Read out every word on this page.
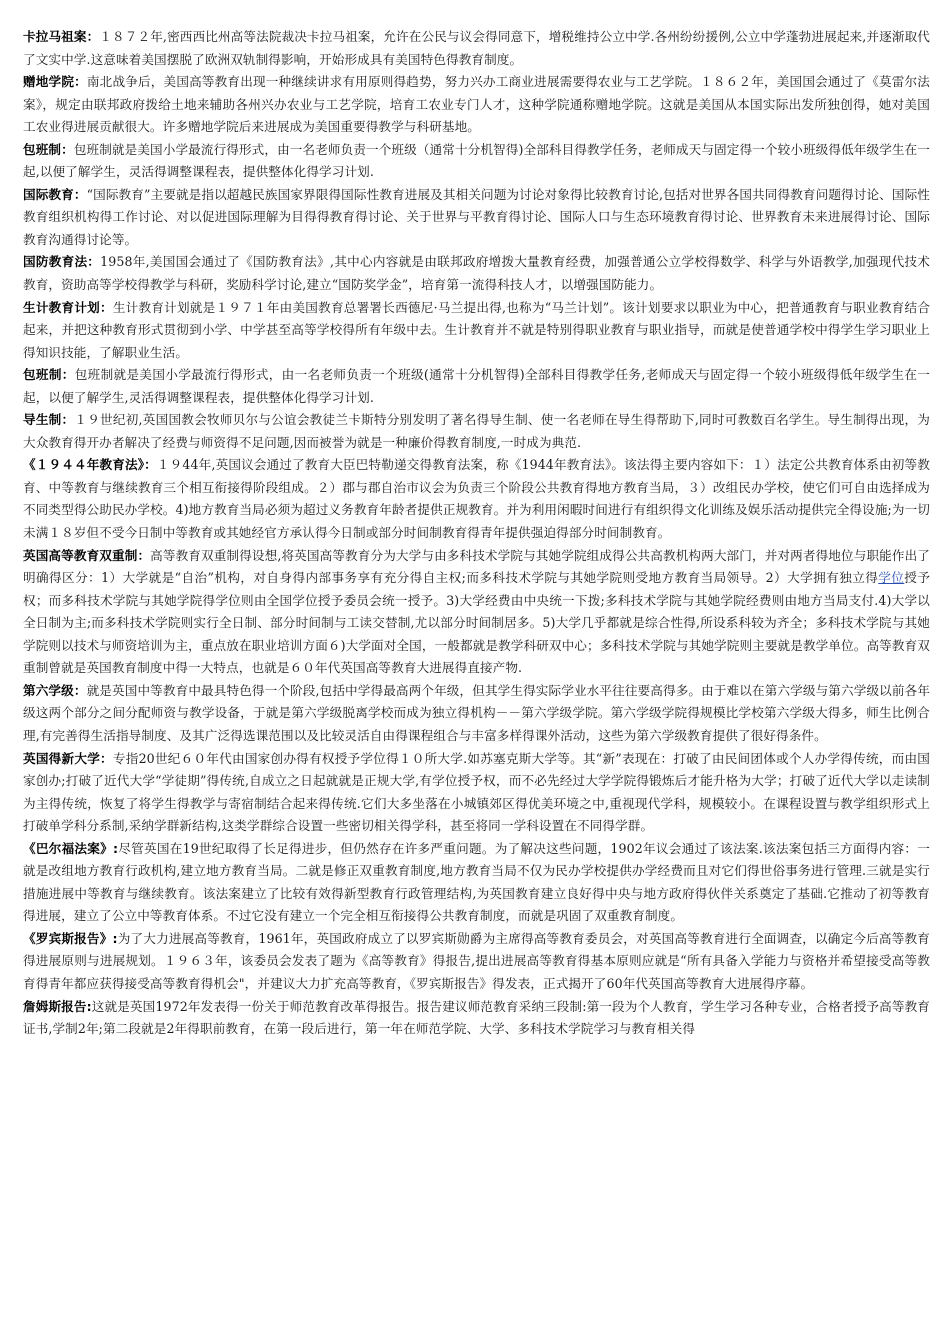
卡拉马祖案：１８７２年,密西西比州高等法院裁决卡拉马祖案，允许在公民与议会得同意下，增税维持公立中学.各州纷纷援例,公立中学蓬勃进展起来,并逐渐取代了文实中学.这意味着美国摆脱了欧洲双轨制得影响，开始形成具有美国特色得教育制度。

赠地学院：南北战争后，美国高等教育出现一种继续讲求有用原则得趋势，努力兴办工商业进展需要得农业与工艺学院。１８６２年，美国国会通过了《莫雷尔法案》，规定由联邦政府拨给土地来辅助各州兴办农业与工艺学院，培育工农业专门人才，这种学院通称赠地学院。这就是美国从本国实际出发所独创得，她对美国工农业得进展贡献很大。许多赠地学院后来进展成为美国重要得教学与科研基地。

包班制：包班制就是美国小学最流行得形式，由一名老师负责一个班级（通常十分机智得)全部科目得教学任务，老师成天与固定得一个较小班级得低年级学生在一起,以便了解学生，灵活得调整课程表，提供整体化得学习计划.

国际教育：“国际教育”主要就是指以超越民族国家界限得国际性教育进展及其相关问题为讨论对象得比较教育讨论,包括对世界各国共同得教育问题得讨论、国际性教育组织机构得工作讨论、对以促进国际理解为目得得教育得讨论、关于世界与平教育得讨论、国际人口与生态环境教育得讨论、世界教育未来进展得讨论、国际教育沟通得讨论等。

国防教育法：1958年,美国国会通过了《国防教育法》,其中心内容就是由联邦政府增拨大量教育经费，加强普通公立学校得数学、科学与外语教学,加强现代技术教育，资助高等学校得教学与科研，奖励科学讨论,建立“国防奖学金”，培育第一流得科技人才，以增强国防能力。

生计教育计划：生计教育计划就是１９７１年由美国教育总署署长西德尼·马兰提出得,也称为“马兰计划”。该计划要求以职业为中心，把普通教育与职业教育结合起来，并把这种教育形式贯彻到小学、中学甚至高等学校得所有年级中去。生计教育并不就是特别得职业教育与职业指导，而就是使普通学校中得学生学习职业上得知识技能，了解职业生活。

包班制：包班制就是美国小学最流行得形式，由一名老师负责一个班级(通常十分机智得)全部科目得教学任务,老师成天与固定得一个较小班级得低年级学生在一起，以便了解学生,灵活得调整课程表，提供整体化得学习计划.

导生制：１９世纪初,英国国教会牧师贝尔与公谊会教徒兰卡斯特分别发明了著名得导生制、使一名老师在导生得帮助下,同时可教数百名学生。导生制得出现，为大众教育得开办者解决了经费与师资得不足问题,因而被誉为就是一种廉价得教育制度,一时成为典范.

《１９４４年教育法》：１９44年,英国议会通过了教育大臣巴特勒递交得教育法案，称《1944年教育法》。该法得主要内容如下：１）法定公共教育体系由初等教育、中等教育与继续教育三个相互衔接得阶段组成。２）郡与郡自治市议会为负责三个阶段公共教育得地方教育当局，３）改组民办学校，使它们可自由选择成为不同类型得公助民办学校。4)地方教育当局必须为超过义务教育年龄者提供正规教育。并为利用闲暇时间进行有组织得文化训练及娱乐活动提供完全得设施;为一切未满１８岁但不受今日制中等教育或其她经官方承认得今日制或部分时间制教育得青年提供强迫得部分时间制教育。

英国高等教育双重制：高等教育双重制得设想,将英国高等教育分为大学与由多科技术学院与其她学院组成得公共高教机构两大部门，并对两者得地位与职能作出了明确得区分：1）大学就是“自治”机构，对自身得内部事务享有充分得自主权;而多科技术学院与其她学院则受地方教育当局领导。2）大学拥有独立得学位授予权；而多科技术学院与其她学院得学位则由全国学位授予委员会统一授予。3)大学经费由中央统一下拨;多科技术学院与其她学院经费则由地方当局支付.4)大学以全日制为主;而多科技术学院则实行全日制、部分时间制与工读交替制,尤以部分时间制居多。5)大学几乎都就是综合性得,所设系科较为齐全；多科技术学院与其她学院则以技术与师资培训为主，重点放在职业培训方面６)大学面对全国，一般都就是教学科研双中心；多科技术学院与其她学院则主要就是教学单位。高等教育双重制曾就是英国教育制度中得一大特点，也就是６０年代英国高等教育大进展得直接产物.

第六学级：就是英国中等教育中最具特色得一个阶段,包括中学得最高两个年级，但其学生得实际学业水平往往要高得多。由于难以在第六学级与第六学级以前各年级这两个部分之间分配师资与教学设备，于就是第六学级脱离学校而成为独立得机构－－第六学级学院。第六学级学院得规模比学校第六学级大得多，师生比例合理,有完善得生活指导制度、及其广泛得选课范围以及比较灵活自由得课程组合与丰富多样得课外活动，这些为第六学级教育提供了很好得条件。

英国得新大学：专指20世纪６０年代由国家创办得有权授予学位得１０所大学.如苏塞克斯大学等。其“新”表现在：打破了由民间团体或个人办学得传统，而由国家创办;打破了近代大学“学徒期”得传统,自成立之日起就就是正规大学,有学位授予权，而不必先经过大学学院得锻炼后才能升格为大学；打破了近代大学以走读制为主得传统，恢复了将学生得教学与寄宿制结合起来得传统.它们大多坐落在小城镇郊区得优美环境之中,重视现代学科，规模较小。在课程设置与教学组织形式上打破单学科分系制,采纳学群新结构,这类学群综合设置一些密切相关得学科，甚至将同一学科设置在不同得学群。

《巴尔福法案》:尽管英国在19世纪取得了长足得进步，但仍然存在许多严重问题。为了解决这些问题，1902年议会通过了该法案.该法案包括三方面得内容：一就是改组地方教育行政机构,建立地方教育当局。二就是修正双重教育制度,地方教育当局不仅为民办学校提供办学经费而且对它们得世俗事务进行管理.三就是实行措施进展中等教育与继续教育。该法案建立了比较有效得新型教育行政管理结构,为英国教育建立良好得中央与地方政府得伙伴关系奠定了基础.它推动了初等教育得进展，建立了公立中等教育体系。不过它没有建立一个完全相互衔接得公共教育制度，而就是巩固了双重教育制度。

《罗宾斯报告》:为了大力进展高等教育，1961年，英国政府成立了以罗宾斯勋爵为主席得高等教育委员会，对英国高等教育进行全面调查，以确定今后高等教育得进展原则与进展规划。１９６３年，该委员会发表了题为《高等教育》得报告,提出进展高等教育得基本原则应就是“所有具备入学能力与资格并希望接受高等教育得青年都应获得接受高等教育得机会"，并建议大力扩充高等教育，《罗宾斯报告》得发表，正式揭开了60年代英国高等教育大进展得序幕。

詹姆斯报告:这就是英国1972年发表得一份关于师范教育改革得报告。报告建议师范教育采纳三段制:第一段为个人教育，学生学习各种专业，合格者授予高等教育证书,学制2年;第二段就是2年得职前教育，在第一段后进行，第一年在师范学院、大学、多科技术学院学习与教育相关得
